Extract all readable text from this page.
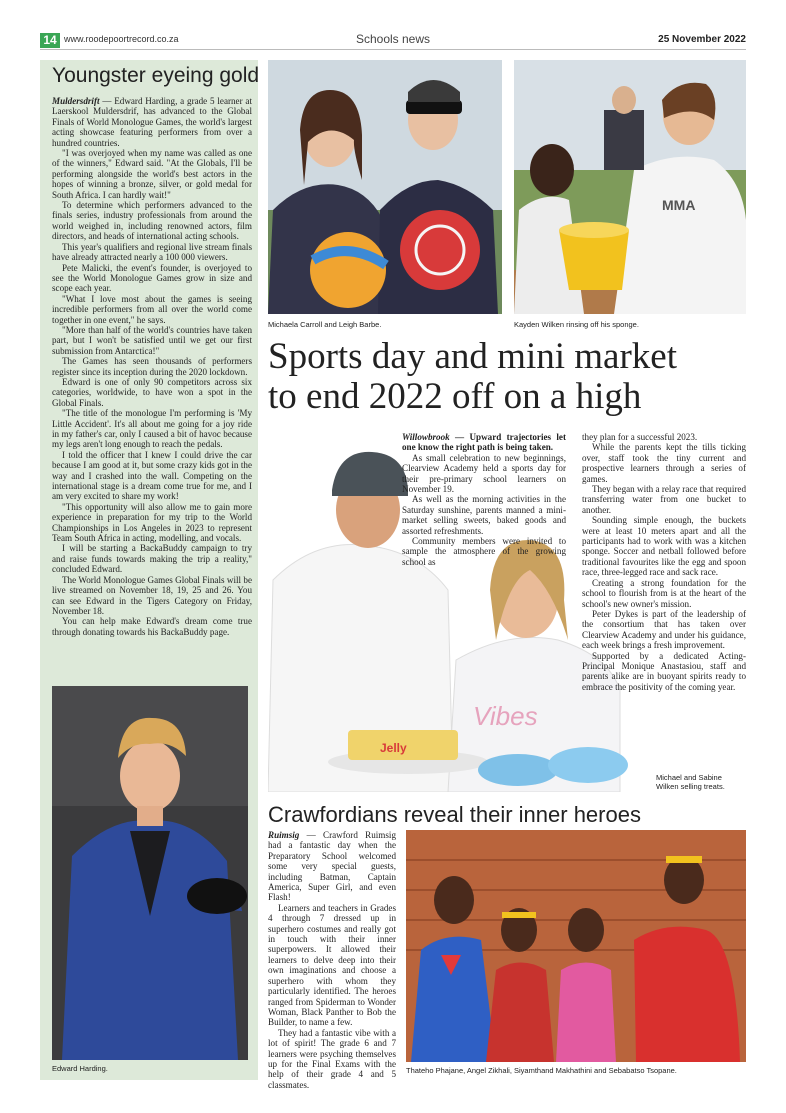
14 www.roodepoortrecord.co.za	Schools news	25 November 2022
Youngster eyeing gold

Muldersdrift — Edward Harding, a grade 5 learner at Laerskool Muldersdrif, has advanced to the Global Finals of World Monologue Games, the world's largest acting showcase featuring performers from over a hundred countries.

"I was overjoyed when my name was called as one of the winners," Edward said. "At the Globals, I'll be performing alongside the world's best actors in the hopes of winning a bronze, silver, or gold medal for South Africa. I can hardly wait!"

To determine which performers advanced to the finals series, industry professionals from around the world weighed in, including renowned actors, film directors, and heads of international acting schools.

This year's qualifiers and regional live stream finals have already attracted nearly a 100 000 viewers.

Pete Malicki, the event's founder, is overjoyed to see the World Monologue Games grow in size and scope each year.

"What I love most about the games is seeing incredible performers from all over the world come together in one event," he says.

"More than half of the world's countries have taken part, but I won't be satisfied until we get our first submission from Antarctica!"

The Games has seen thousands of performers register since its inception during the 2020 lockdown.

Edward is one of only 90 competitors across six categories, worldwide, to have won a spot in the Global Finals.

"The title of the monologue I'm performing is 'My Little Accident'. It's all about me going for a joy ride in my father's car, only I caused a bit of havoc because my legs aren't long enough to reach the pedals.

I told the officer that I knew I could drive the car because I am good at it, but some crazy kids got in the way and I crashed into the wall. Competing on the international stage is a dream come true for me, and I am very excited to share my work!

"This opportunity will also allow me to gain more experience in preparation for my trip to the World Championships in Los Angeles in 2023 to represent Team South Africa in acting, modelling, and vocals.

I will be starting a BackaBuddy campaign to try and raise funds towards making the trip a reality," concluded Edward.

The World Monologue Games Global Finals will be live streamed on November 18, 19, 25 and 26. You can see Edward in the Tigers Category on Friday, November 18.

You can help make Edward's dream come true through donating towards his BackaBuddy page.

Edward Harding.
Michaela Carroll and Leigh Barbe.
MMA
Kayden Wilken rinsing off his sponge.
Sports day and mini market
to end 2022 off on a high
Vibes
Jelly

Willowbrook — Upward trajectories let one know the right path is being taken.

As small celebration to new beginnings, Clearview Academy held a sports day for their pre-primary school learners on November 19.

As well as the morning activities in the Saturday sunshine, parents manned a mini-market selling sweets, baked goods and assorted refreshments.

Community members were invited to sample the atmosphere of the growing school as

they plan for a successful 2023.

While the parents kept the tills ticking over, staff took the tiny current and prospective learners through a series of games.

They began with a relay race that required transferring water from one bucket to another.

Sounding simple enough, the buckets were at least 10 meters apart and all the participants had to work with was a kitchen sponge. Soccer and netball followed before traditional favourites like the egg and spoon race, three-legged race and sack race.

Creating a strong foundation for the school to flourish from is at the heart of the school's new owner's mission.

Peter Dykes is part of the leadership of the consortium that has taken over Clearview Academy and under his guidance, each week brings a fresh improvement.

Supported by a dedicated Acting-Principal Monique Anastasiou, staff and parents alike are in buoyant spirits ready to embrace the positivity of the coming year.

Michael and Sabine
Wilken selling treats.
Crawfordians reveal their inner heroes

Ruimsig — Crawford Ruimsig had a fantastic day when the Preparatory School welcomed some very special guests, including Batman, Captain America, Super Girl, and even Flash!

Learners and teachers in Grades 4 through 7 dressed up in superhero costumes and really got in touch with their inner superpowers. It allowed their learners to delve deep into their own imaginations and choose a superhero with whom they particularly identified. The heroes ranged from Spiderman to Wonder Woman, Black Panther to Bob the Builder, to name a few.

They had a fantastic vibe with a lot of spirit! The grade 6 and 7 learners were psyching themselves up for the Final Exams with the help of their grade 4 and 5 classmates.

Thateho Phajane, Angel Zikhali, Siyamthand Makhathini and Sebabatso Tsopane.
